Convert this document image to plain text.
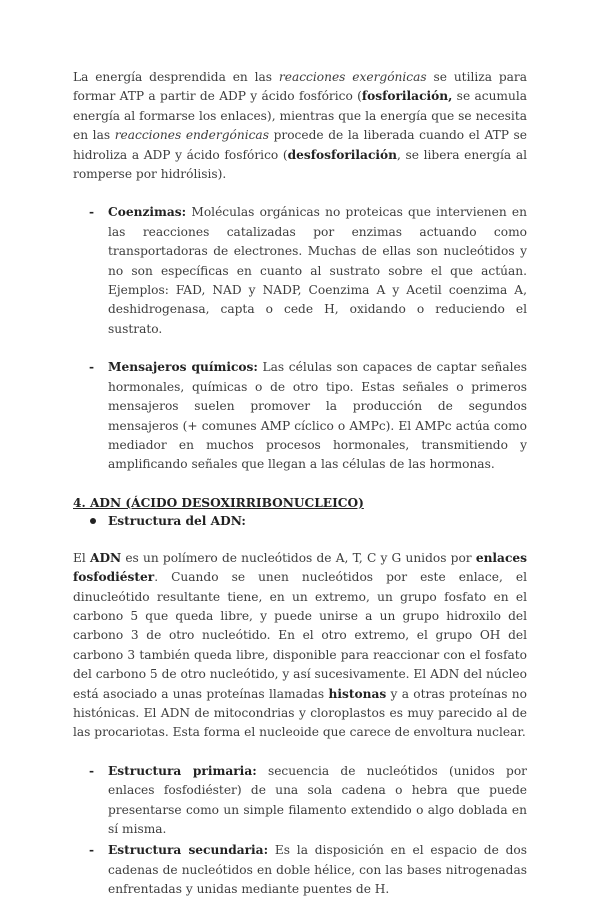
La energía desprendida en las reacciones exergónicas se utiliza para formar ATP a partir de ADP y ácido fosfórico (fosforilación, se acumula energía al formarse los enlaces), mientras que la energía que se necesita en las reacciones endergónicas procede de la liberada cuando el ATP se hidroliza a ADP y ácido fosfórico (desfosforilación, se libera energía al romperse por hidrólisis).

- Coenzimas: Moléculas orgánicas no proteicas que intervienen en las reacciones catalizadas por enzimas actuando como transportadoras de electrones. Muchas de ellas son nucleótidos y no son específicas en cuanto al sustrato sobre el que actúan. Ejemplos: FAD, NAD y NADP, Coenzima A y Acetil coenzima A, deshidrogenasa, capta o cede H, oxidando o reduciendo el sustrato.
- Mensajeros químicos: Las células son capaces de captar señales hormonales, químicas o de otro tipo. Estas señales o primeros mensajeros suelen promover la producción de segundos mensajeros (+ comunes AMP cíclico o AMPc). El AMPc actúa como mediador en muchos procesos hormonales, transmitiendo y amplificando señales que llegan a las células de las hormonas.
4. ADN (ÁCIDO DESOXIRRIBONUCLEICO)
Estructura del ADN:

El ADN es un polímero de nucleótidos de A, T, C y G unidos por enlaces fosfodiéster. Cuando se unen nucleótidos por este enlace, el dinucleótido resultante tiene, en un extremo, un grupo fosfato en el carbono 5 que queda libre, y puede unirse a un grupo hidroxilo del carbono 3 de otro nucleótido. En el otro extremo, el grupo OH del carbono 3 también queda libre, disponible para reaccionar con el fosfato del carbono 5 de otro nucleótido, y así sucesivamente. El ADN del núcleo está asociado a unas proteínas llamadas histonas y a otras proteínas no histónicas. El ADN de mitocondrias y cloroplastos es muy parecido al de las procariotas. Esta forma el nucleoide que carece de envoltura nuclear.

- Estructura primaria: secuencia de nucleótidos (unidos por enlaces fosfodiéster) de una sola cadena o hebra que puede presentarse como un simple filamento extendido o algo doblada en sí misma.
- Estructura secundaria: Es la disposición en el espacio de dos cadenas de nucleótidos en doble hélice, con las bases nitrogenadas enfrentadas y unidas mediante puentes de H.
